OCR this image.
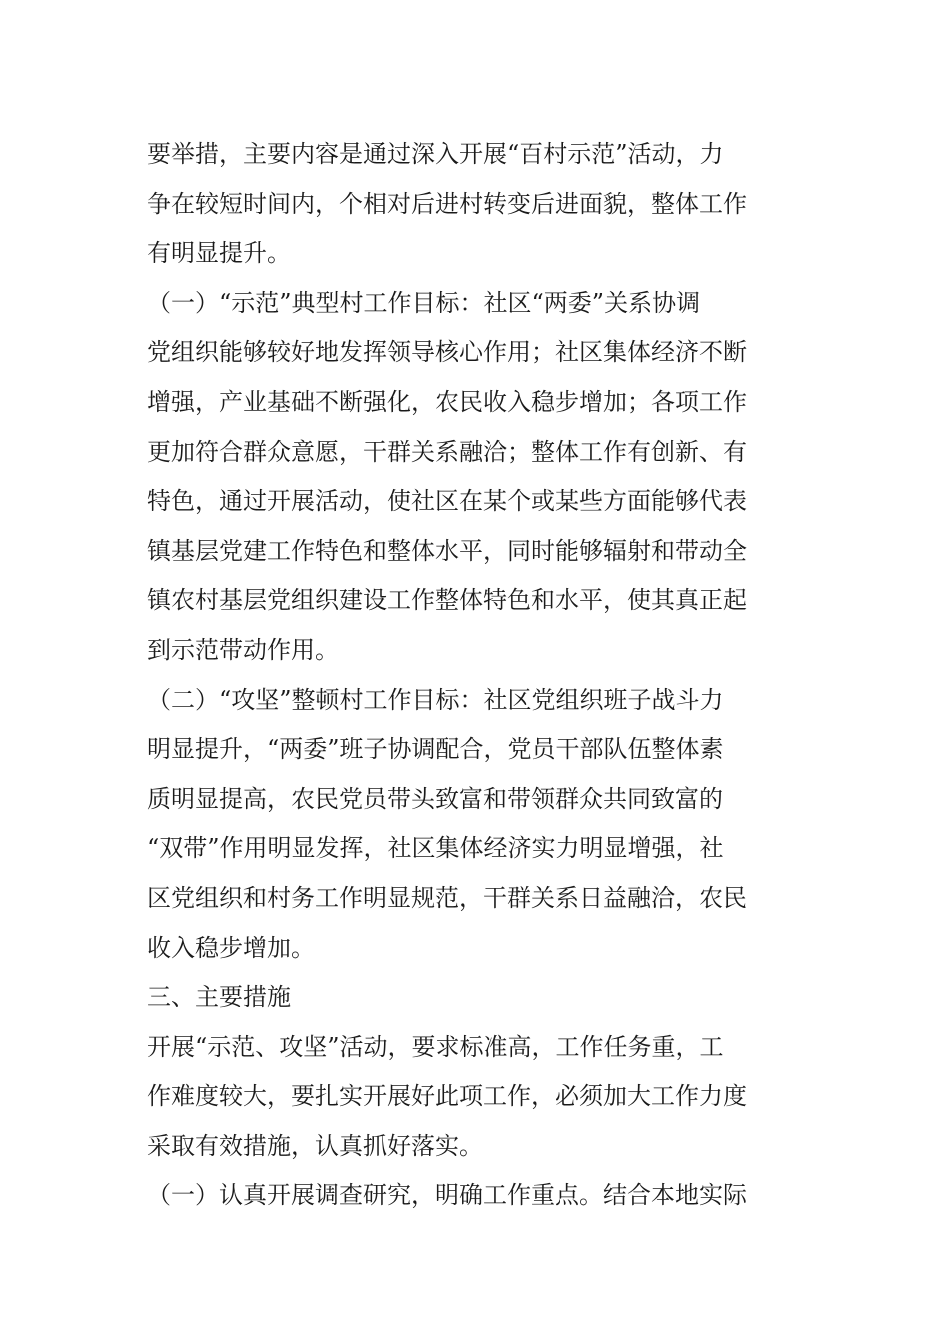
要举措，主要内容是通过深入开展“百村示范”活动，力
争在较短时间内，个相对后进村转变后进面貌，整体工作
有明显提升。
（一）“示范”典型村工作目标：社区“两委”关系协调
党组织能够较好地发挥领导核心作用；社区集体经济不断
增强，产业基础不断强化，农民收入稳步增加；各项工作
更加符合群众意愿，干群关系融洽；整体工作有创新、有
特色，通过开展活动，使社区在某个或某些方面能够代表
镇基层党建工作特色和整体水平，同时能够辐射和带动全
镇农村基层党组织建设工作整体特色和水平，使其真正起
到示范带动作用。
（二）“攻坚”整顿村工作目标：社区党组织班子战斗力
明显提升，“两委”班子协调配合，党员干部队伍整体素
质明显提高，农民党员带头致富和带领群众共同致富的
“双带”作用明显发挥，社区集体经济实力明显增强，社
区党组织和村务工作明显规范，干群关系日益融洽，农民
收入稳步增加。
三、主要措施
开展“示范、攻坚”活动，要求标准高，工作任务重，工
作难度较大，要扎实开展好此项工作，必须加大工作力度
采取有效措施，认真抓好落实。
（一）认真开展调查研究，明确工作重点。结合本地实际
